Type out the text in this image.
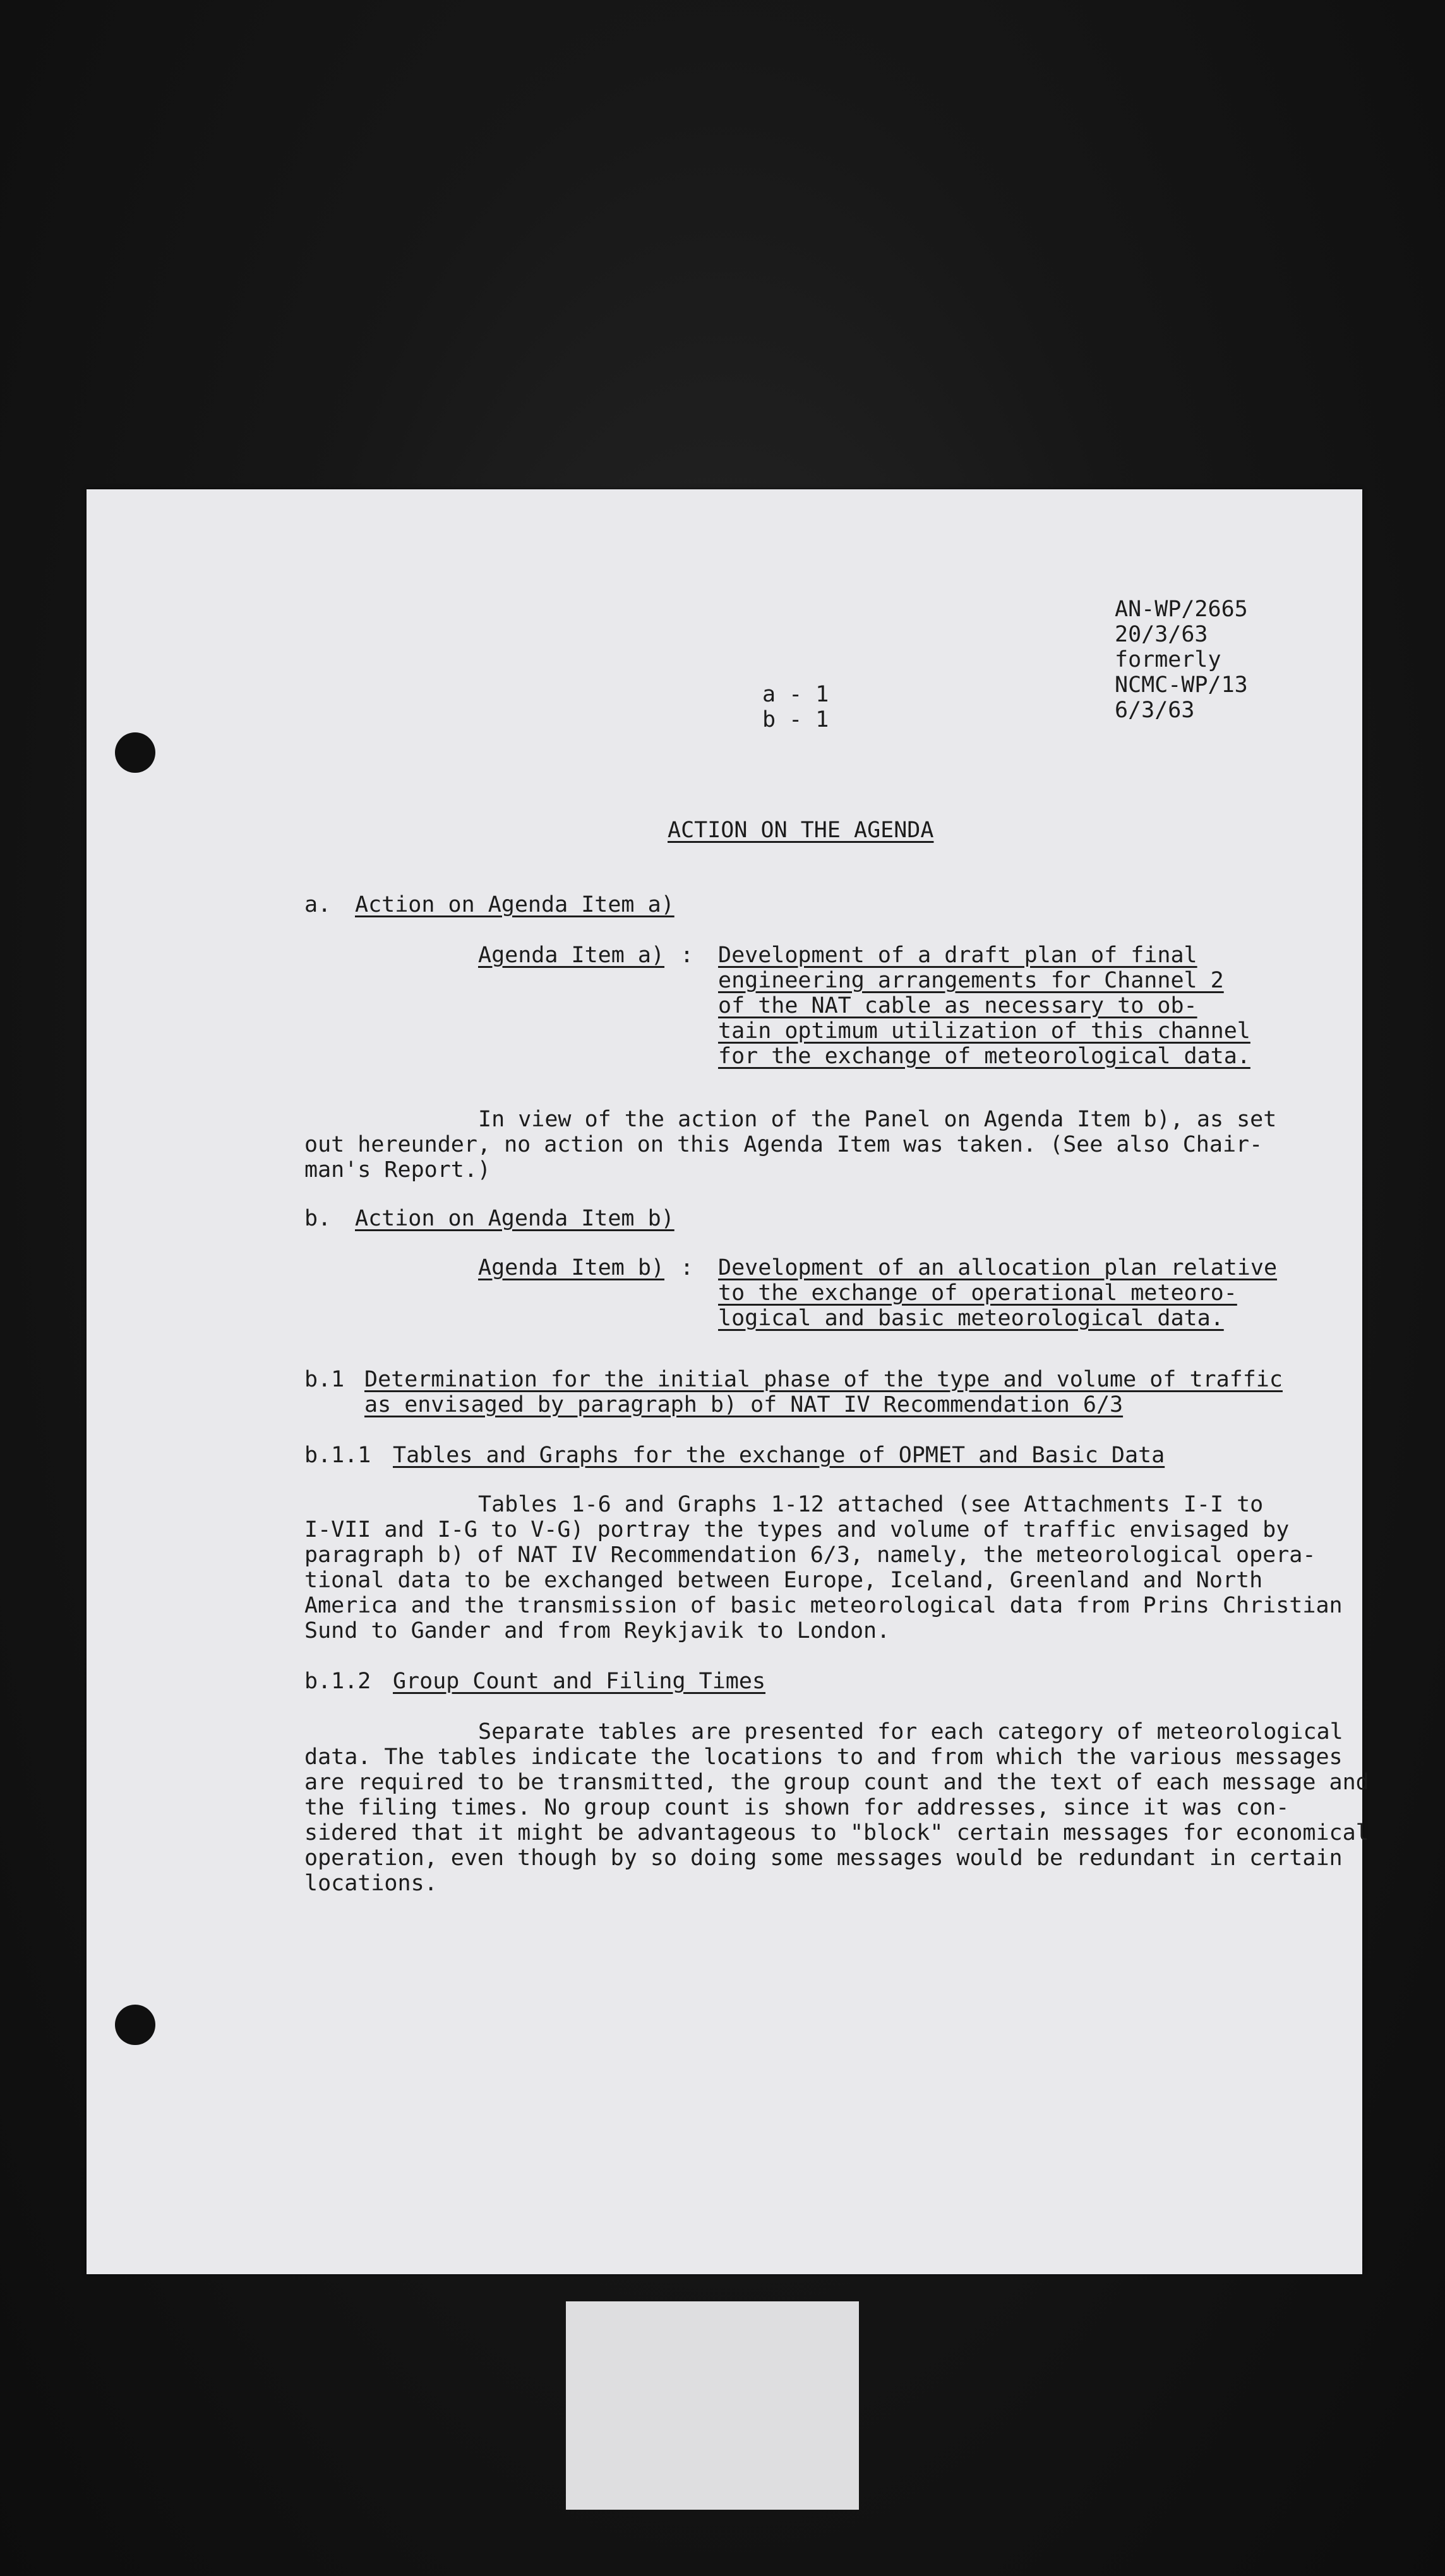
AN-WP/2665
20/3/63
formerly
NCMC-WP/13
6/3/63
a - 1
b - 1
ACTION ON THE AGENDA
a. Action on Agenda Item a)
Agenda Item a) : Development of a draft plan of final
engineering arrangements for Channel 2
of the NAT cable as necessary to ob-
tain optimum utilization of this channel
for the exchange of meteorological data.
In view of the action of the Panel on Agenda Item b), as set
out hereunder, no action on this Agenda Item was taken. (See also Chair-
man's Report.)
b. Action on Agenda Item b)
Agenda Item b) : Development of an allocation plan relative
to the exchange of operational meteoro-
logical and basic meteorological data.
b.1 Determination for the initial phase of the type and volume of traffic
as envisaged by paragraph b) of NAT IV Recommendation 6/3
b.1.1 Tables and Graphs for the exchange of OPMET and Basic Data
Tables 1-6 and Graphs 1-12 attached (see Attachments I-I to
I-VII and I-G to V-G) portray the types and volume of traffic envisaged by
paragraph b) of NAT IV Recommendation 6/3, namely, the meteorological opera-
tional data to be exchanged between Europe, Iceland, Greenland and North
America and the transmission of basic meteorological data from Prins Christian
Sund to Gander and from Reykjavik to London.
b.1.2 Group Count and Filing Times
Separate tables are presented for each category of meteorological
data. The tables indicate the locations to and from which the various messages
are required to be transmitted, the group count and the text of each message and
the filing times. No group count is shown for addresses, since it was con-
sidered that it might be advantageous to "block" certain messages for economical
operation, even though by so doing some messages would be redundant in certain
locations.
